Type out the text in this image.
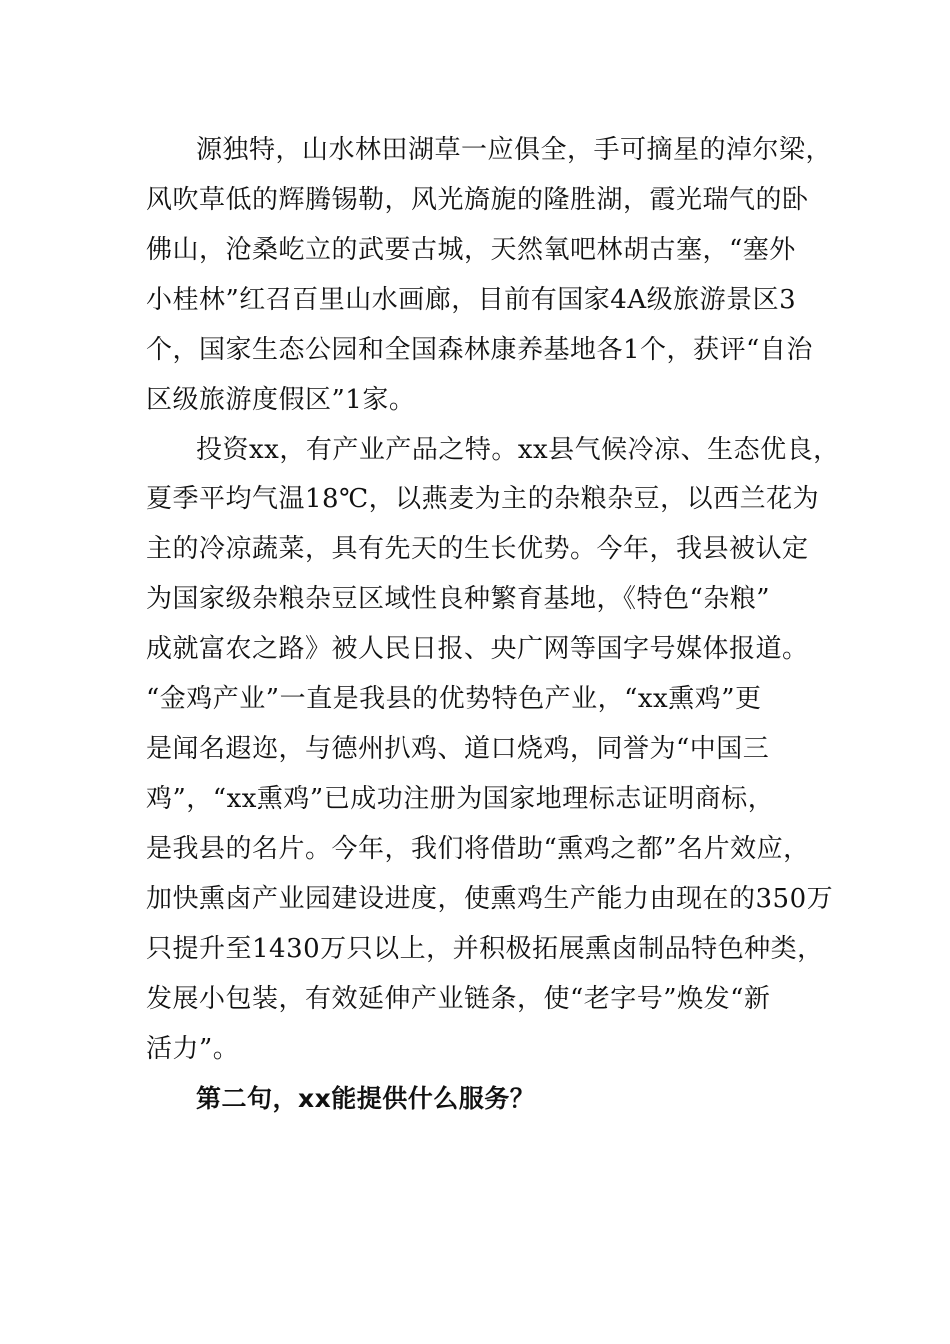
源独特，山水林田湖草一应俱全，手可摘星的淖尔梁，
风吹草低的辉腾锡勒，风光旖旎的隆胜湖，霞光瑞气的卧
佛山，沧桑屹立的武要古城，天然氧吧林胡古塞，“塞外
小桂林”红召百里山水画廊，目前有国家4A级旅游景区3
个，国家生态公园和全国森林康养基地各1个，获评“自治
区级旅游度假区”1家。
投资xx，有产业产品之特。xx县气候冷凉、生态优良，
夏季平均气温18℃，以燕麦为主的杂粮杂豆，以西兰花为
主的冷凉蔬菜，具有先天的生长优势。今年，我县被认定
为国家级杂粮杂豆区域性良种繁育基地，《特色“杂粮”
成就富农之路》被人民日报、央广网等国字号媒体报道。
“金鸡产业”一直是我县的优势特色产业，“xx熏鸡”更
是闻名遐迩，与德州扒鸡、道口烧鸡，同誉为“中国三
鸡”，“xx熏鸡”已成功注册为国家地理标志证明商标，
是我县的名片。今年，我们将借助“熏鸡之都”名片效应，
加快熏卤产业园建设进度，使熏鸡生产能力由现在的350万
只提升至1430万只以上，并积极拓展熏卤制品特色种类，
发展小包装，有效延伸产业链条，使“老字号”焕发“新
活力”。
第二句，xx能提供什么服务？
